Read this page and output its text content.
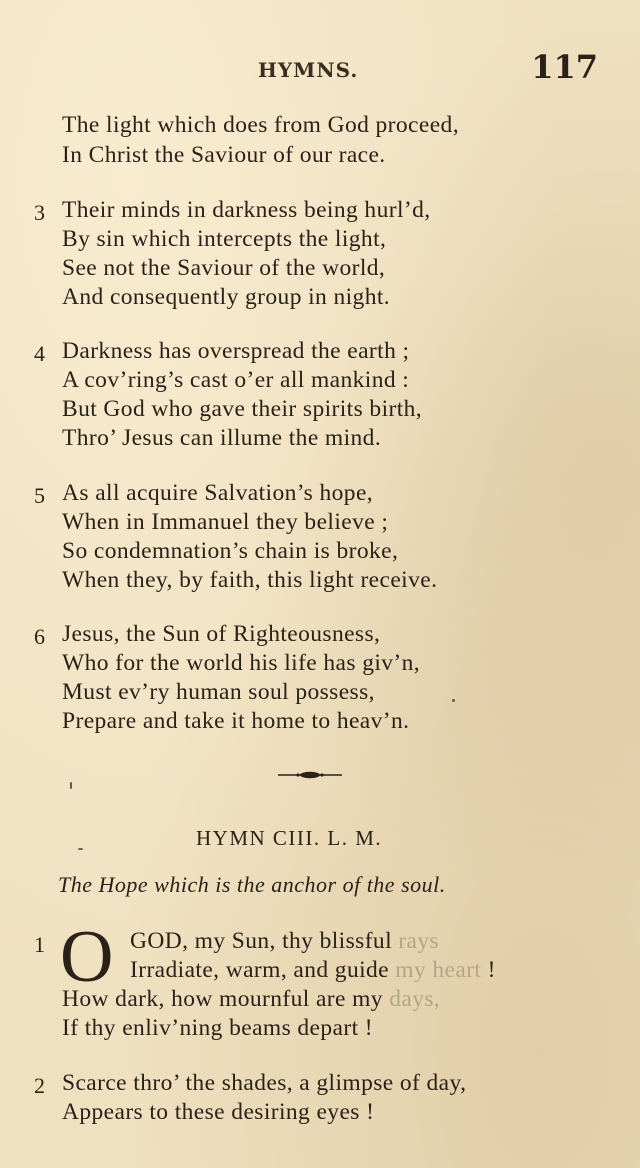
HYMNS.	117
The light which does from God proceed,
In Christ the Saviour of our race.
3 Their minds in darkness being hurl’d,
By sin which intercepts the light,
See not the Saviour of the world,
And consequently group in night.
4 Darkness has overspread the earth ;
A cov’ring’s cast o’er all mankind :
But God who gave their spirits birth,
Thro’ Jesus can illume the mind.
5 As all acquire Salvation’s hope,
When in Immanuel they believe ;
So condemnation’s chain is broke,
When they, by faith, this light receive.
6 Jesus, the Sun of Righteousness,
Who for the world his life has giv’n,
Must ev’ry human soul possess,
Prepare and take it home to heav’n.
HYMN CIII. L. M.
The Hope which is the anchor of the soul.
1 O GOD, my Sun, thy blissful rays
Irradiate, warm, and guide my heart !
How dark, how mournful are my days,
If thy enliv’ning beams depart !
2 Scarce thro’ the shades, a glimpse of day,
Appears to these desiring eyes !
